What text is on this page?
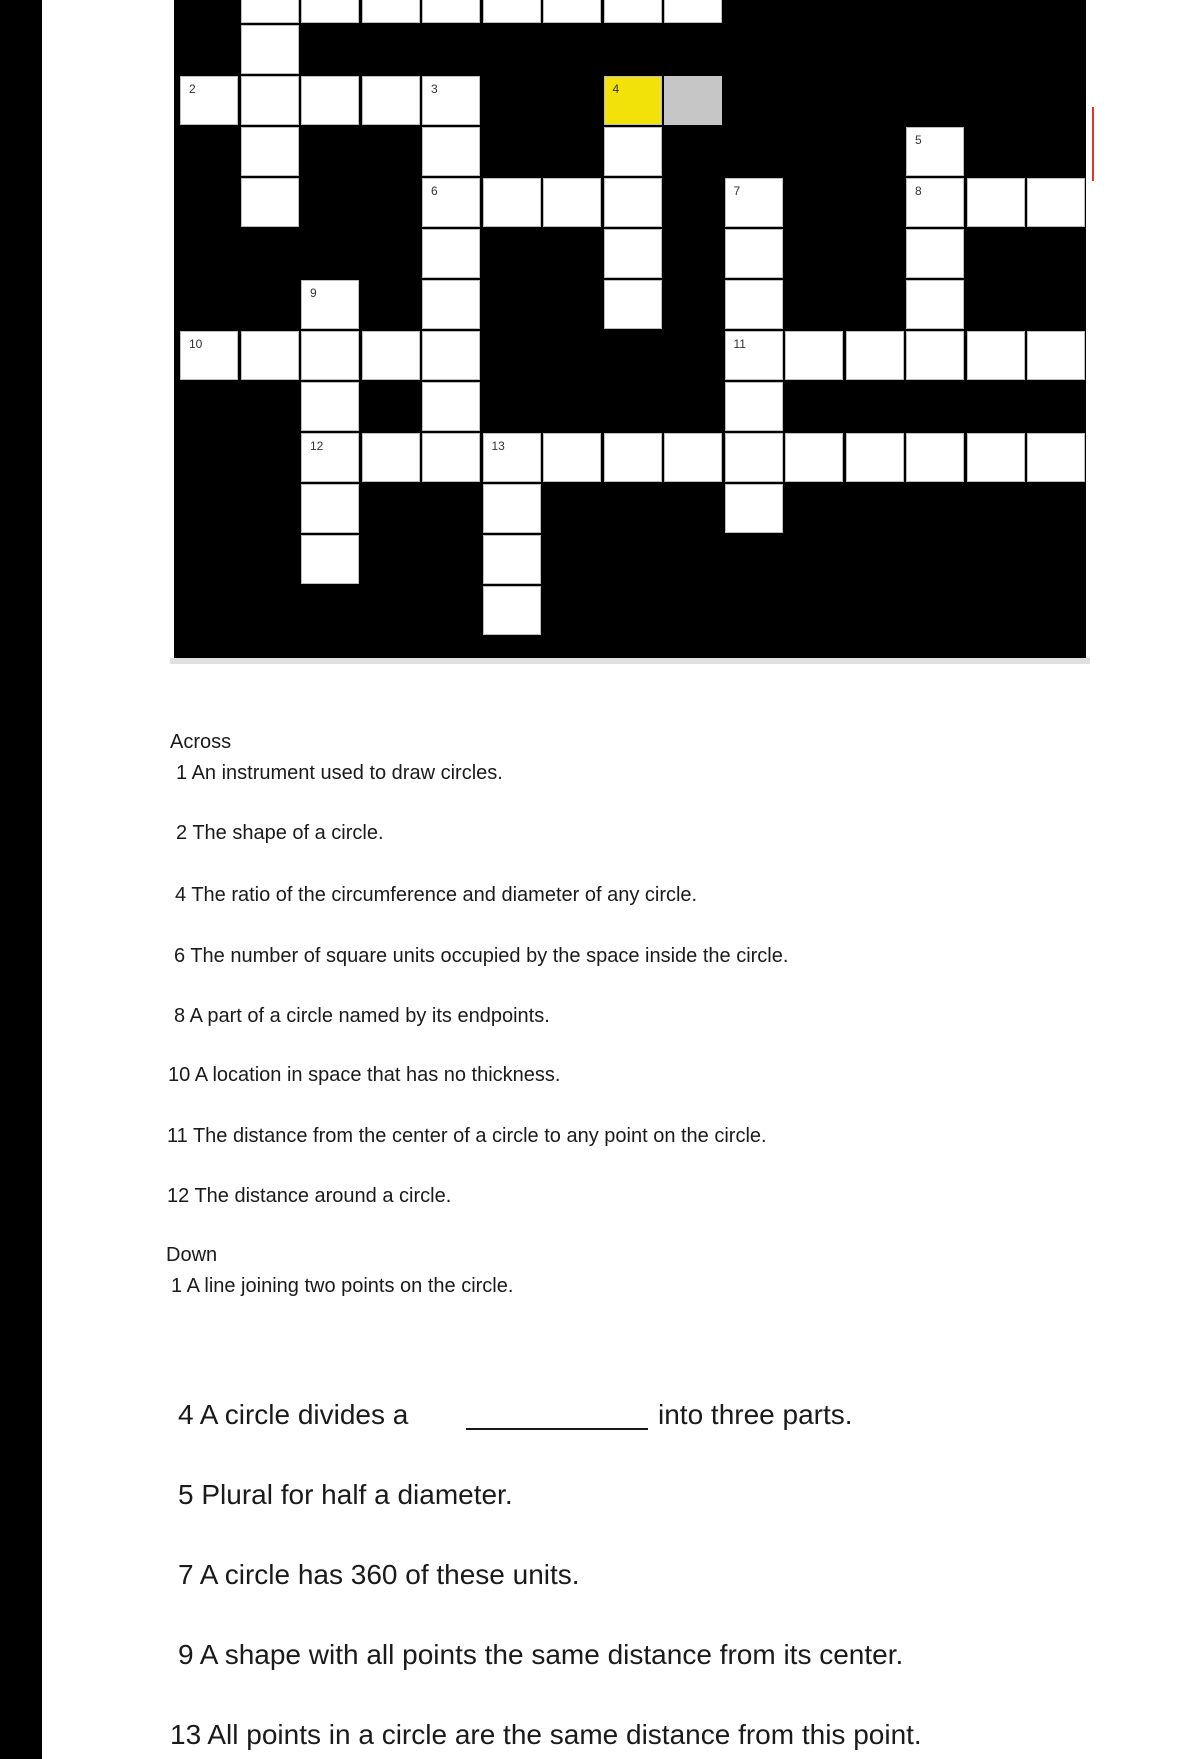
2	3	4
5
6	7	8
9
10	11
12	13
Across
1 An instrument used to draw circles.
2 The shape of a circle.
4 The ratio of the circumference and diameter of any circle.
6 The number of square units occupied by the space inside the circle.
8 A part of a circle named by its endpoints.
10 A location in space that has no thickness.
11 The distance from the center of a circle to any point on the circle.
12 The distance around a circle.
Down
1 A line joining two points on the circle.
4 A circle divides a	into three parts.
5 Plural for half a diameter.
7 A circle has 360 of these units.
9 A shape with all points the same distance from its center.
13 All points in a circle are the same distance from this point.
